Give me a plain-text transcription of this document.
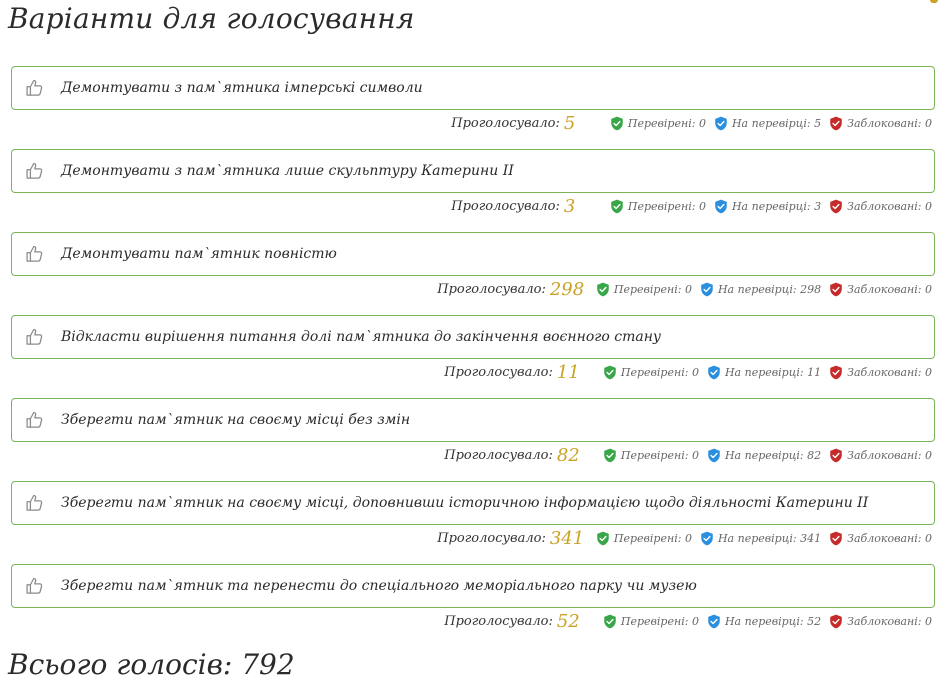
Варіанти для голосування
Демонтувати з пам`ятника імперські символи
Проголосувало: 5	Перевірені: 0 На перевірці: 5 Заблоковані: 0
Демонтувати з пам`ятника лише скульптуру Катерини ІІ
Проголосувало: 3	Перевірені: 0 На перевірці: 3 Заблоковані: 0
Демонтувати пам`ятник повністю
Проголосувало: 298	Перевірені: 0 На перевірці: 298 Заблоковані: 0
Відкласти вирішення питання долі пам`ятника до закінчення воєнного стану
Проголосувало: 11	Перевірені: 0 На перевірці: 11 Заблоковані: 0
Зберегти пам`ятник на своєму місці без змін
Проголосувало: 82	Перевірені: 0 На перевірці: 82 Заблоковані: 0
Зберегти пам`ятник на своєму місці, доповнивши історичною інформацією щодо діяльності Катерини ІІ
Проголосувало: 341	Перевірені: 0 На перевірці: 341 Заблоковані: 0
Зберегти пам`ятник та перенести до спеціального меморіального парку чи музею
Проголосувало: 52	Перевірені: 0 На перевірці: 52 Заблоковані: 0
Всього голосів: 792
